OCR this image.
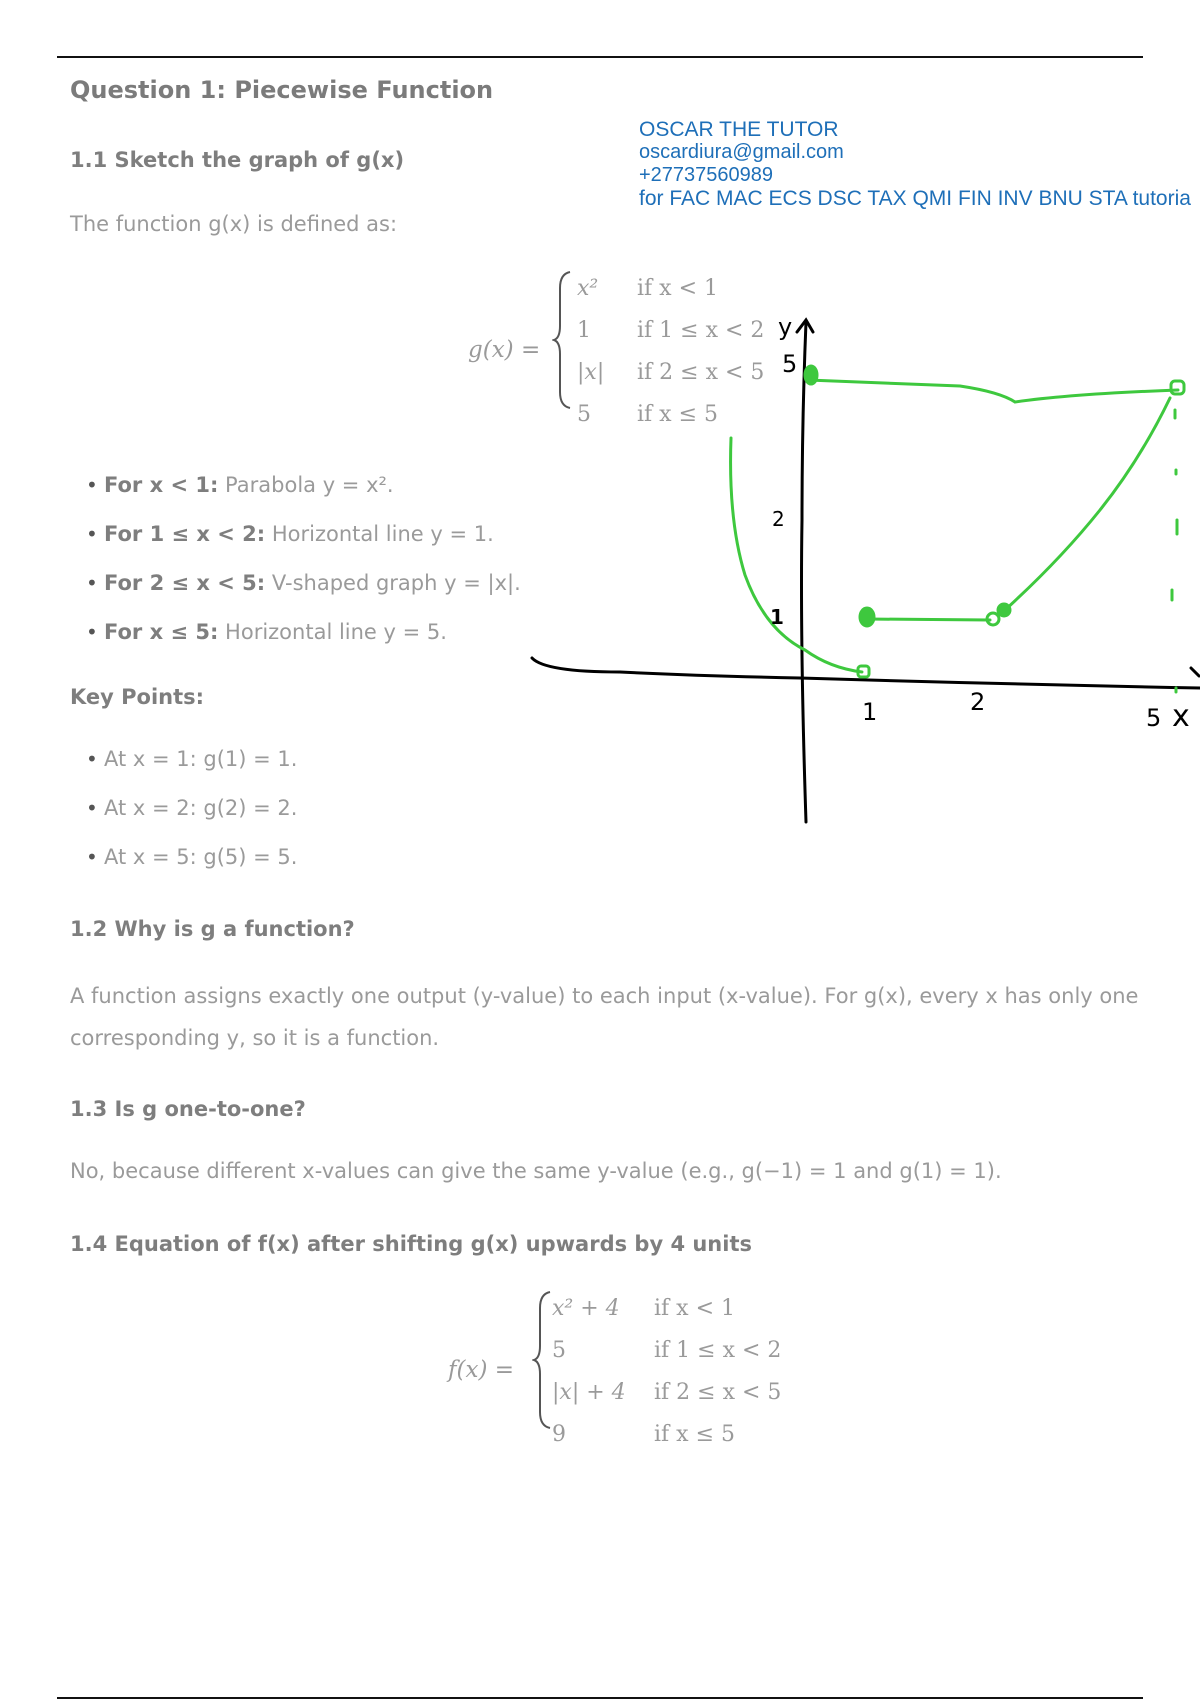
Question 1: Piecewise Function
OSCAR THE TUTOR
oscardiura@gmail.com
+27737560989
for FAC MAC ECS DSC TAX QMI FIN INV BNU STA tutoria
1.1 Sketch the graph of g(x)
The function g(x) is defined as:
g(x) =
x² if x < 1
1 if 1 ≤ x < 2
|x| if 2 ≤ x < 5
5 if x ≤ 5
• For x < 1: Parabola y = x².
• For 1 ≤ x < 2: Horizontal line y = 1.
• For 2 ≤ x < 5: V-shaped graph y = |x|.
• For x ≤ 5: Horizontal line y = 5.
Key Points:
• At x = 1: g(1) = 1.
• At x = 2: g(2) = 2.
• At x = 5: g(5) = 5.
y
x
5
2
1
1	2
5
1.2 Why is g a function?
A function assigns exactly one output (y-value) to each input (x-value). For g(x), every x has only one
corresponding y, so it is a function.
1.3 Is g one-to-one?
No, because different x-values can give the same y-value (e.g., g(−1) = 1 and g(1) = 1).
1.4 Equation of f(x) after shifting g(x) upwards by 4 units
f(x) =
x² + 4 if x < 1
5	if 1 ≤ x < 2
|x| + 4 if 2 ≤ x < 5
9	if x ≤ 5
